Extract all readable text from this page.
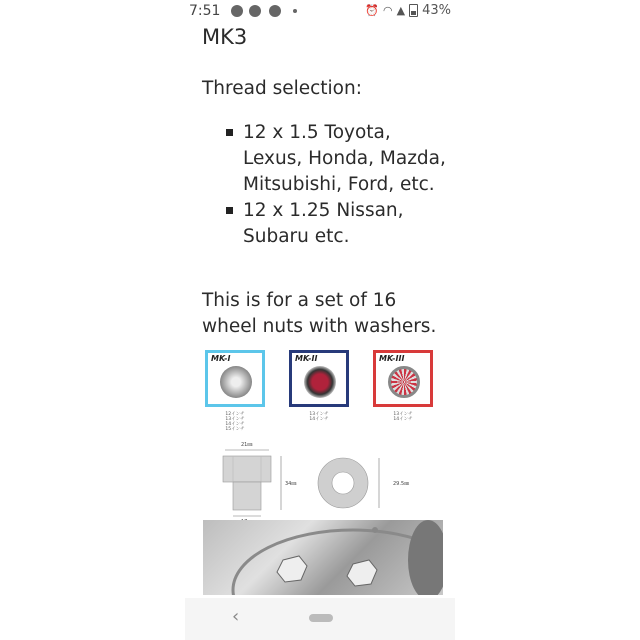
7:51	⏰ ◠ ▲ 43%
MK3

Thread selection:

12 x 1.5 Toyota, Lexus, Honda, Mazda, Mitsubishi, Ford, etc.
12 x 1.25 Nissan, Subaru etc.

This is for a set of 16 wheel nuts with washers.

MK-I	MK-II	MK-III
12インチ
13インチ
14インチ
15インチ
13インチ
14インチ
13インチ
14インチ
21㎜
34㎜	29.5㎜
‹
